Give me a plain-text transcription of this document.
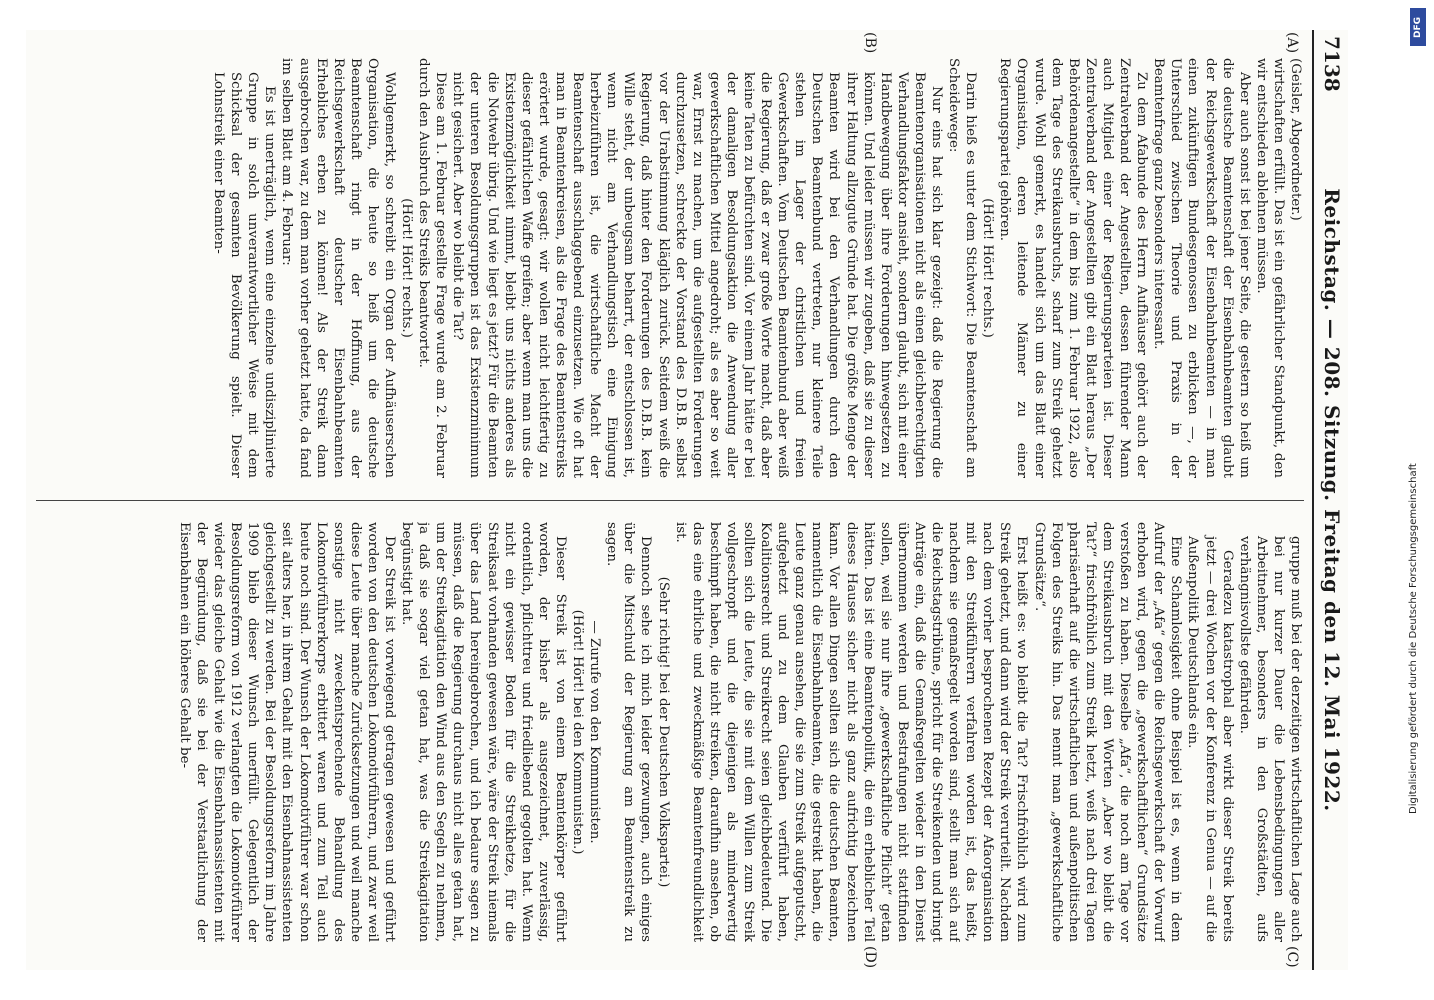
7138
Reichstag. — 208. Sitzung. Freitag den 12. Mai 1922.
(A)
(B)
(C)
(D)

(Geisler, Abgeordneter.)

wirtschaften erfüllt. Das ist ein gefährlicher Standpunkt, den wir entschieden ablehnen müssen.

Aber auch sonst ist bei jener Seite, die gestern so heiß um die deutsche Beamtenschaft der Eisenbahnbeamten glaubt der Reichsgewerkschaft der Eisenbahnbeamten — in man einen zukünftigen Bundesgenossen zu erblicken —, der Unterschied zwischen Theorie und Praxis in der Beamtenfrage ganz besonders interessant.

Zu dem Afabunde des Herrn Aufhäuser gehört auch der Zentralverband der Angestellten, dessen führender Mann auch Mitglied einer der Regierungsparteien ist. Dieser Zentralverband der Angestellten gibt ein Blatt heraus „Der Behördenangestellte“ in dem bis zum 1. Februar 1922, also dem Tage des Streikausbruchs, scharf zum Streik gehetzt wurde. Wohl gemerkt, es handelt sich um das Blatt einer Organisation, deren leitende Männer zu einer Regierungspartei gehören.

(Hört! Hört! rechts.)

Darin hieß es unter dem Stichwort: Die Beamtenschaft am Scheidewege:

Nur eins hat sich klar gezeigt: daß die Regierung die Beamtenorganisationen nicht als einen gleichberechtigten Verhandlungsfaktor ansieht, sondern glaubt, sich mit einer Handbewegung über ihre Forderungen hinwegsetzen zu können. Und leider müssen wir zugeben, daß sie zu dieser ihrer Haltung allzugute Gründe hat. Die größte Menge der Beamten wird bei den Verhandlungen durch den Deutschen Beamtenbund vertreten, nur kleinere Teile stehen im Lager der christlichen und freien Gewerkschaften. Vom Deutschen Beamtenbund aber weiß die Regierung, daß er zwar große Worte macht, daß aber keine Taten zu befürchten sind. Vor einem Jahr hätte er bei der damaligen Besoldungsaktion die Anwendung aller gewerkschaftlichen Mittel angedroht; als es aber so weit war, Ernst zu machen, um die aufgestellten Forderungen durchzusetzen, schreckte der Vorstand des D.B.B. selbst vor der Urabstimmung kläglich zurück. Seitdem weiß die Regierung, daß hinter den Forderungen des D.B.B. kein Wille steht, der unbeugsam beharrt, der entschlossen ist, wenn nicht am Verhandlungstisch eine Einigung herbeizuführen ist, die wirtschaftliche Macht der Beamtenschaft ausschlaggebend einzusetzen. Wie oft hat man in Beamtenkreisen, als die Frage des Beamtenstreiks erörtert wurde, gesagt: wir wollen nicht leichtfertig zu dieser gefährlichen Waffe greifen; aber wenn man uns die Existenzmöglichkeit nimmt, bleibt uns nichts anderes als die Notwehr übrig. Und wie liegt es jetzt? Für die Beamten der unteren Besoldungsgruppen ist das Existenzminimum nicht gesichert. Aber wo bleibt die Tat?

Diese am 1. Februar gestellte Frage wurde am 2. Februar durch den Ausbruch des Streiks beantwortet.

(Hört! Hört! rechts.)

Wohlgemerkt, so schreibt ein Organ der Aufhäuserschen Organisation, die heute so heiß um die deutsche Beamtenschaft ringt in der Hoffnung, aus der Reichsgewerkschaft deutscher Eisenbahnbeamten Erhebliches erben zu können! Als der Streik dann ausgebrochen war, zu dem man vorher gehetzt hatte, da fand im selben Blatt am 4. Februar:

Es ist unerträglich, wenn eine einzelne undisziplinierte Gruppe in solch unverantwortlicher Weise mit dem Schicksal der gesamten Bevölkerung spielt. Dieser Lohnstreik einer Beamten-

gruppe muß bei der derzeitigen wirtschaftlichen Lage auch bei nur kurzer Dauer die Lebensbedingungen aller Arbeitnehmer, besonders in den Großstädten, aufs verhängnisvollste gefährden.

Geradezu katastrophal aber wirkt dieser Streik bereits jetzt — drei Wochen vor der Konferenz in Genua — auf die Außenpolitik Deutschlands ein.

Eine Schamlosigkeit ohne Beispiel ist es, wenn in dem Aufruf der „Afa“ gegen die Reichsgewerkschaft der Vorwurf erhoben wird, gegen die „gewerkschaftlichen“ Grundsätze verstoßen zu haben. Dieselbe „Afa“, die noch am Tage vor dem Streikausbruch mit den Worten „Aber wo bleibt die Tat?“ frischfröhlich zum Streik hetzt, weiß nach drei Tagen pharisäerhaft auf die wirtschaftlichen und außenpolitischen Folgen des Streiks hin. Das nennt man „gewerkschaftliche Grundsätze“.

Erst heißt es: wo bleibt die Tat? Frischfröhlich wird zum Streik gehetzt, und dann wird der Streik verurteilt. Nachdem nach dem vorher besprochenen Rezept der Afaorganisation mit den Streikführern verfahren worden ist, das heißt, nachdem sie gemaßregelt worden sind, stellt man sich auf die Reichstagstribüne, spricht für die Streikenden und bringt Anträge ein, daß die Gemaßregelten wieder in den Dienst übernommen werden und Bestrafungen nicht stattfinden sollen, weil sie nur ihre „gewerkschaftliche Pflicht“ getan hätten. Das ist eine Beamtenpolitik, die ein erheblicher Teil dieses Hauses sicher nicht als ganz aufrichtig bezeichnen kann. Vor allen Dingen sollten sich die deutschen Beamten, namentlich die Eisenbahnbeamten, die gestreikt haben, die Leute ganz genau ansehen, die sie zum Streik aufgeputscht, aufgehetzt und zu dem Glauben verführt haben, Koalitionsrecht und Streikrecht seien gleichbedeutend. Die sollten sich die Leute, die sie mit dem Willen zum Streik vollgeschropft und die diejenigen als minderwertig beschimpft haben, die nicht streiken, daraufhin ansehen, ob das eine ehrliche und zweckmäßige Beamtenfreundlichkeit ist.

(Sehr richtig! bei der Deutschen Volkspartei.)

Dennoch sehe ich mich leider gezwungen, auch einiges über die Mitschuld der Regierung am Beamtenstreik zu sagen.

— Zurufe von den Kommunisten.

(Hört! Hört! bei den Kommunisten.)

Dieser Streik ist von einem Beamtenkörper geführt worden, der bisher als ausgezeichnet, zuverlässig, ordentlich, pflichttreu und friedliebend gegolten hat. Wenn nicht ein gewisser Boden für die Streikhetze, für die Streiksaat vorhanden gewesen wäre, wäre der Streik niemals über das Land hereingebrochen, und ich bedaure sagen zu müssen, daß die Regierung durchaus nicht alles getan hat, um der Streikagitation den Wind aus den Segeln zu nehmen, ja daß sie sogar viel getan hat, was die Streikagitation begünstigt hat.

Der Streik ist vorwiegend getragen gewesen und geführt worden von den deutschen Lokomotivführern, und zwar weil diese Leute über manche Zurücksetzungen und weil manche sonstige nicht zweckentsprechende Behandlung des Lokomotivführerkorps erbittert waren und zum Teil auch heute noch sind. Der Wunsch der Lokomotivführer war schon seit alters her, in ihrem Gehalt mit den Eisenbahnassistenten gleichgestellt zu werden. Bei der Besoldungsreform im Jahre 1909 blieb dieser Wunsch unerfüllt. Gelegentlich der Besoldungsreform von 1912 verlangten die Lokomotivführer wieder das gleiche Gehalt wie die Eisenbahnassistenten mit der Begründung, daß sie bei der Verstaatlichung der Eisenbahnen ein höheres Gehalt be-

DFG
Digitalisierung gefördert durch die Deutsche Forschungsgemeinschaft
